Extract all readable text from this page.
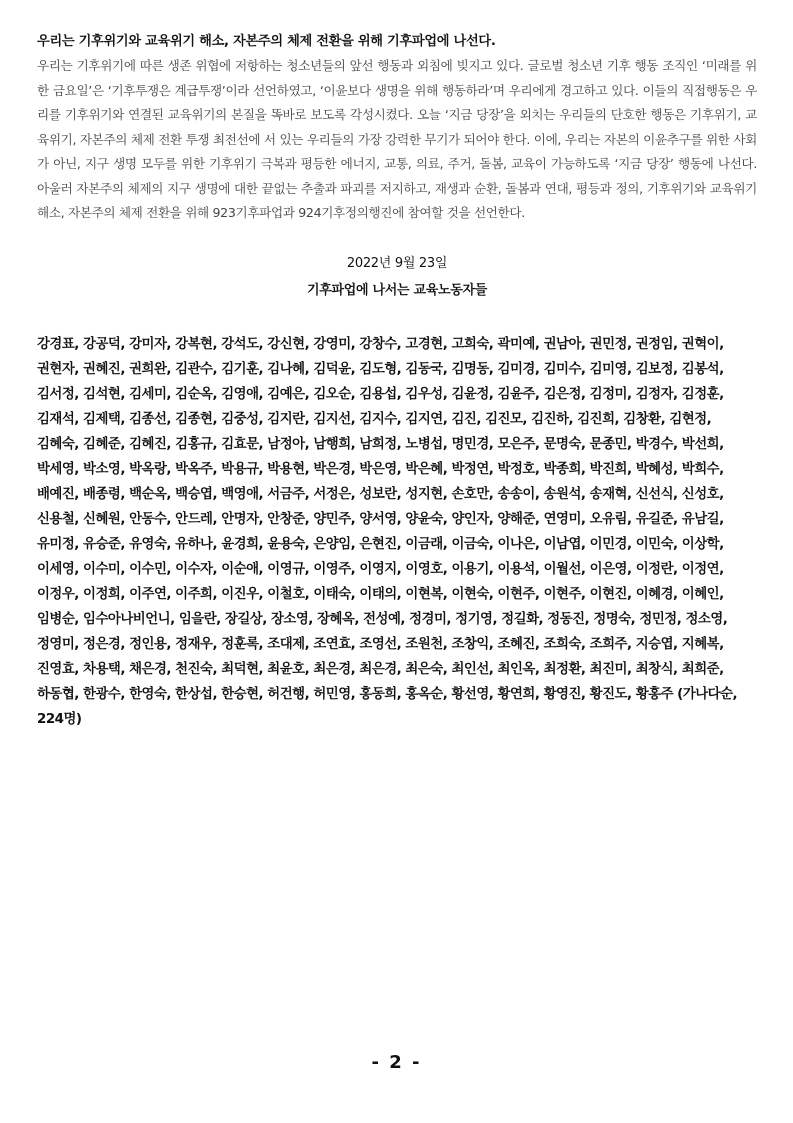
우리는 기후위기와 교육위기 해소, 자본주의 체제 전환을 위해 기후파업에 나선다.

우리는 기후위기에 따른 생존 위협에 저항하는 청소년들의 앞선 행동과 외침에 빚지고 있다. 글로벌 청소년 기후 행동 조직인 ‘미래를 위한 금요일’은 ‘기후투쟁은 계급투쟁’이라 선언하였고, ‘이윤보다 생명을 위해 행동하라’며 우리에게 경고하고 있다. 이들의 직접행동은 우리를 기후위기와 연결된 교육위기의 본질을 똑바로 보도록 각성시켰다. 오늘 ‘지금 당장’을 외치는 우리들의 단호한 행동은 기후위기, 교육위기, 자본주의 체제 전환 투쟁 최전선에 서 있는 우리들의 가장 강력한 무기가 되어야 한다. 이에, 우리는 자본의 이윤추구를 위한 사회가 아닌, 지구 생명 모두를 위한 기후위기 극복과 평등한 에너지, 교통, 의료, 주거, 돌봄, 교육이 가능하도록 ‘지금 당장’ 행동에 나선다. 아울러 자본주의 체제의 지구 생명에 대한 끝없는 추출과 파괴를 저지하고, 재생과 순환, 돌봄과 연대, 평등과 정의, 기후위기와 교육위기 해소, 자본주의 체제 전환을 위해 923기후파업과 924기후정의행진에 참여할 것을 선언한다.

2022년 9월 23일
기후파업에 나서는 교육노동자들
강경표, 강공덕, 강미자, 강복현, 강석도, 강신현, 강영미, 강창수, 고경현, 고희숙, 곽미예, 권남아, 권민정, 권정임, 권혁이, 권현자, 권혜진, 권희완, 김관수, 김기훈, 김나혜, 김덕윤, 김도형, 김동국, 김명동, 김미경, 김미수, 김미영, 김보정, 김봉석, 김서정, 김석현, 김세미, 김순옥, 김영애, 김예은, 김오순, 김용섭, 김우성, 김윤정, 김윤주, 김은정, 김정미, 김정자, 김정훈, 김재석, 김제택, 김종선, 김종현, 김중성, 김지란, 김지선, 김지수, 김지연, 김진, 김진모, 김진하, 김진희, 김창환, 김현정, 김혜숙, 김혜준, 김혜진, 김홍규, 김효문, 남정아, 남행희, 남희정, 노병섭, 명민경, 모은주, 문명숙, 문종민, 박경수, 박선희, 박세영, 박소영, 박옥랑, 박옥주, 박용규, 박용현, 박은경, 박은영, 박은혜, 박정연, 박정호, 박종희, 박진희, 박혜성, 박희수, 배예진, 배종령, 백순옥, 백승엽, 백영애, 서금주, 서정은, 성보란, 성지현, 손호만, 송송이, 송원석, 송재혁, 신선식, 신성호, 신용철, 신혜원, 안동수, 안드레, 안명자, 안창준, 양민주, 양서영, 양윤숙, 양인자, 양해준, 연영미, 오유림, 유길준, 유남길, 유미정, 유승준, 유영숙, 유하나, 윤경희, 윤용숙, 은양임, 은현진, 이금래, 이금숙, 이나은, 이남엽, 이민경, 이민숙, 이상학, 이세영, 이수미, 이수민, 이수자, 이순애, 이영규, 이영주, 이영지, 이영호, 이용기, 이용석, 이월선, 이은영, 이정란, 이정연, 이정우, 이정희, 이주연, 이주희, 이진우, 이철호, 이태숙, 이태의, 이현복, 이현숙, 이현주, 이현주, 이현진, 이혜경, 이혜인, 임병순, 임수아나비언니, 임을란, 장길상, 장소영, 장혜옥, 전성예, 정경미, 정기영, 정길화, 정동진, 정명숙, 정민정, 정소영, 정영미, 정은경, 정인용, 정재우, 정훈록, 조대제, 조연효, 조영선, 조원천, 조창익, 조혜진, 조희숙, 조희주, 지승엽, 지혜복, 진영효, 차용택, 채은경, 천진숙, 최덕현, 최윤호, 최은경, 최은경, 최은숙, 최인선, 최인옥, 최정환, 최진미, 최창식, 최희준, 하동협, 한광수, 한영숙, 한상섭, 한승현, 허건행, 허민영, 홍동희, 홍옥순, 황선영, 황연희, 황영진, 황진도, 황홍주 (가나다순, 224명)
- 2 -
